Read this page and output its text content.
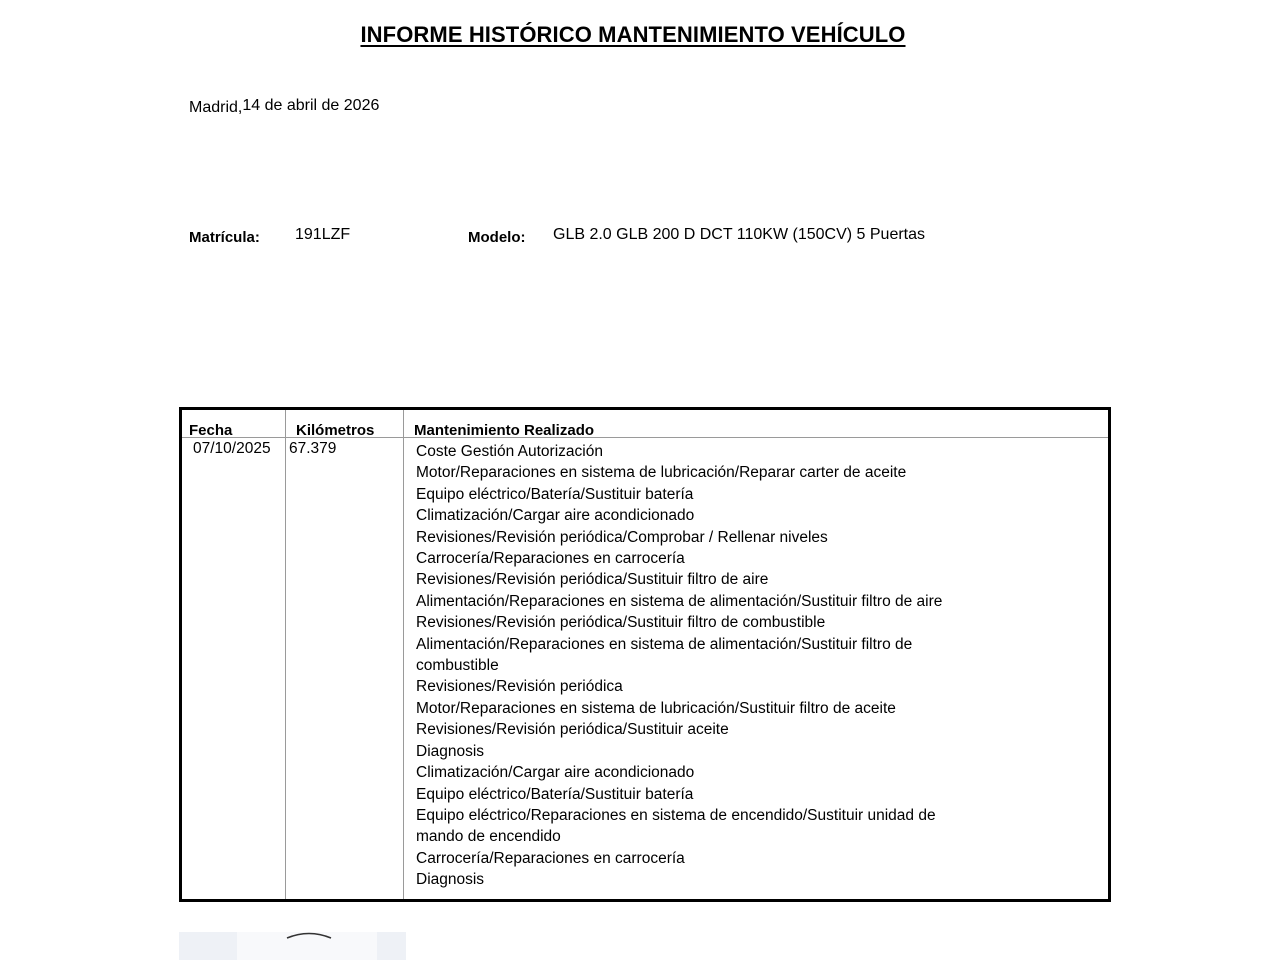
INFORME HISTÓRICO MANTENIMIENTO VEHÍCULO
Madrid,14 de abril de 2026
Matrícula: 191LZF	Modelo: GLB 2.0 GLB 200 D DCT 110KW (150CV) 5 Puertas
Fecha	Kilómetros	Mantenimiento Realizado
07/10/2025 67.379	Coste Gestión Autorización
Motor/Reparaciones en sistema de lubricación/Reparar carter de aceite
Equipo eléctrico/Batería/Sustituir batería
Climatización/Cargar aire acondicionado
Revisiones/Revisión periódica/Comprobar / Rellenar niveles
Carrocería/Reparaciones en carrocería
Revisiones/Revisión periódica/Sustituir filtro de aire
Alimentación/Reparaciones en sistema de alimentación/Sustituir filtro de aire
Revisiones/Revisión periódica/Sustituir filtro de combustible
Alimentación/Reparaciones en sistema de alimentación/Sustituir filtro de
combustible
Revisiones/Revisión periódica
Motor/Reparaciones en sistema de lubricación/Sustituir filtro de aceite
Revisiones/Revisión periódica/Sustituir aceite
Diagnosis
Climatización/Cargar aire acondicionado
Equipo eléctrico/Batería/Sustituir batería
Equipo eléctrico/Reparaciones en sistema de encendido/Sustituir unidad de
mando de encendido
Carrocería/Reparaciones en carrocería
Diagnosis
